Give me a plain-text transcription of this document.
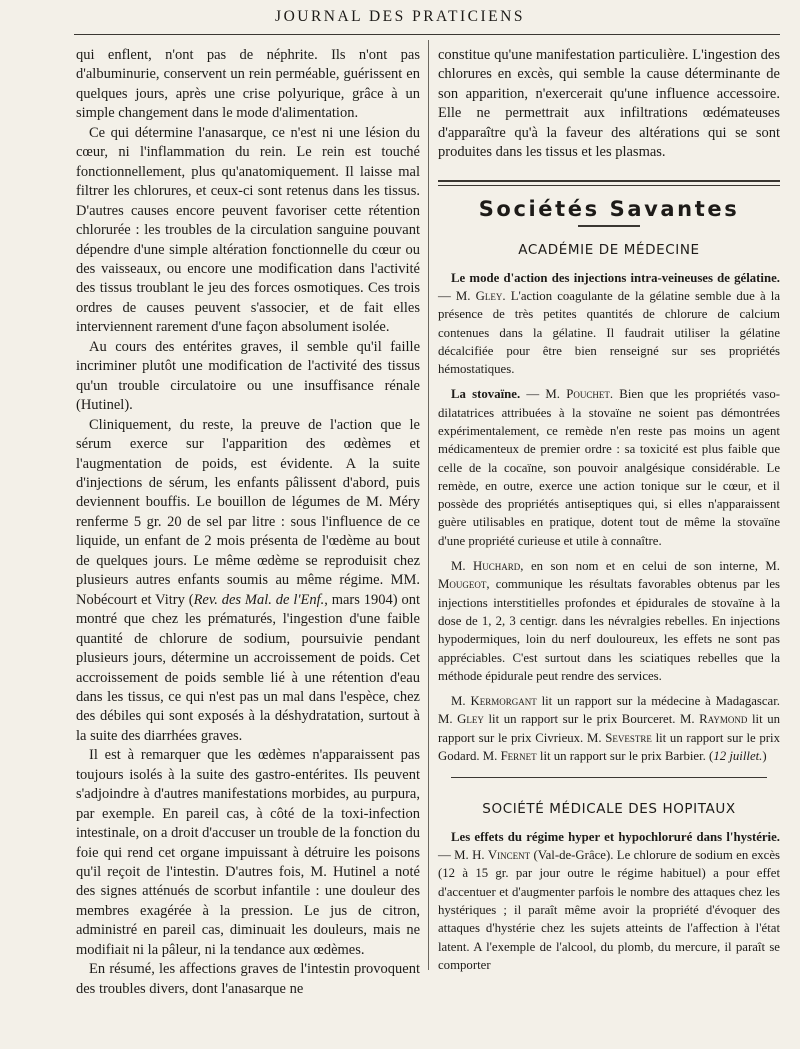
JOURNAL DES PRATICIENS

qui enflent, n'ont pas de néphrite. Ils n'ont pas d'albuminurie, conservent un rein perméable, guérissent en quelques jours, après une crise polyurique, grâce à un simple changement dans le mode d'alimentation.

Ce qui détermine l'anasarque, ce n'est ni une lésion du cœur, ni l'inflammation du rein. Le rein est touché fonctionnellement, plus qu'anatomiquement. Il laisse mal filtrer les chlorures, et ceux-ci sont retenus dans les tissus. D'autres causes encore peuvent favoriser cette rétention chlorurée : les troubles de la circulation sanguine pouvant dépendre d'une simple altération fonctionnelle du cœur ou des vaisseaux, ou encore une modification dans l'activité des tissus troublant le jeu des forces osmotiques. Ces trois ordres de causes peuvent s'associer, et de fait elles interviennent rarement d'une façon absolument isolée.

Au cours des entérites graves, il semble qu'il faille incriminer plutôt une modification de l'activité des tissus qu'un trouble circulatoire ou une insuffisance rénale (Hutinel).

Cliniquement, du reste, la preuve de l'action que le sérum exerce sur l'apparition des œdèmes et l'augmentation de poids, est évidente. A la suite d'injections de sérum, les enfants pâlissent d'abord, puis deviennent bouffis. Le bouillon de légumes de M. Méry renferme 5 gr. 20 de sel par litre : sous l'influence de ce liquide, un enfant de 2 mois présenta de l'œdème au bout de quelques jours. Le même œdème se reproduisit chez plusieurs autres enfants soumis au même régime. MM. Nobécourt et Vitry (Rev. des Mal. de l'Enf., mars 1904) ont montré que chez les prématurés, l'ingestion d'une faible quantité de chlorure de sodium, poursuivie pendant plusieurs jours, détermine un accroissement de poids. Cet accroissement de poids semble lié à une rétention d'eau dans les tissus, ce qui n'est pas un mal dans l'espèce, chez des débiles qui sont exposés à la déshydratation, surtout à la suite des diarrhées graves.

Il est à remarquer que les œdèmes n'apparaissent pas toujours isolés à la suite des gastro-entérites. Ils peuvent s'adjoindre à d'autres manifestations morbides, au purpura, par exemple. En pareil cas, à côté de la toxi-infection intestinale, on a droit d'accuser un trouble de la fonction du foie qui rend cet organe impuissant à détruire les poisons qu'il reçoit de l'intestin. D'autres fois, M. Hutinel a noté des signes atténués de scorbut infantile : une douleur des membres exagérée à la pression. Le jus de citron, administré en pareil cas, diminuait les douleurs, mais ne modifiait ni la pâleur, ni la tendance aux œdèmes.

En résumé, les affections graves de l'intestin provoquent des troubles divers, dont l'anasarque ne

constitue qu'une manifestation particulière. L'ingestion des chlorures en excès, qui semble la cause déterminante de son apparition, n'exercerait qu'une influence accessoire. Elle ne permettrait aux infiltrations œdémateuses d'apparaître qu'à la faveur des altérations qui se sont produites dans les tissus et les plasmas.

Sociétés Savantes
ACADÉMIE DE MÉDECINE

Le mode d'action des injections intra-veineuses de gélatine. — M. Gley. L'action coagulante de la gélatine semble due à la présence de très petites quantités de chlorure de calcium contenues dans la gélatine. Il faudrait utiliser la gélatine décalcifiée pour être bien renseigné sur ses propriétés hémostatiques.

La stovaïne. — M. Pouchet. Bien que les propriétés vaso-dilatatrices attribuées à la stovaïne ne soient pas démontrées expérimentalement, ce remède n'en reste pas moins un agent médicamenteux de premier ordre : sa toxicité est plus faible que celle de la cocaïne, son pouvoir analgésique considérable. Le remède, en outre, exerce une action tonique sur le cœur, et il possède des propriétés antiseptiques qui, si elles n'apparaissent guère utilisables en pratique, dotent tout de même la stovaïne d'une propriété curieuse et utile à connaître.

M. Huchard, en son nom et en celui de son interne, M. Mougeot, communique les résultats favorables obtenus par les injections interstitielles profondes et épidurales de stovaïne à la dose de 1, 2, 3 centigr. dans les névralgies rebelles. En injections hypodermiques, loin du nerf douloureux, les effets ne sont pas appréciables. C'est surtout dans les sciatiques rebelles que la méthode épidurale peut rendre des services.

M. Kermorgant lit un rapport sur la médecine à Madagascar. M. Gley lit un rapport sur le prix Bourceret. M. Raymond lit un rapport sur le prix Civrieux. M. Sevestre lit un rapport sur le prix Godard. M. Fernet lit un rapport sur le prix Barbier. (12 juillet.)

SOCIÉTÉ MÉDICALE DES HOPITAUX

Les effets du régime hyper et hypochloruré dans l'hystérie. — M. H. Vincent (Val-de-Grâce). Le chlorure de sodium en excès (12 à 15 gr. par jour outre le régime habituel) a pour effet d'accentuer et d'augmenter parfois le nombre des attaques chez les hystériques ; il paraît même avoir la propriété d'évoquer des attaques d'hystérie chez les sujets atteints de l'affection à l'état latent. A l'exemple de l'alcool, du plomb, du mercure, il paraît se comporter
